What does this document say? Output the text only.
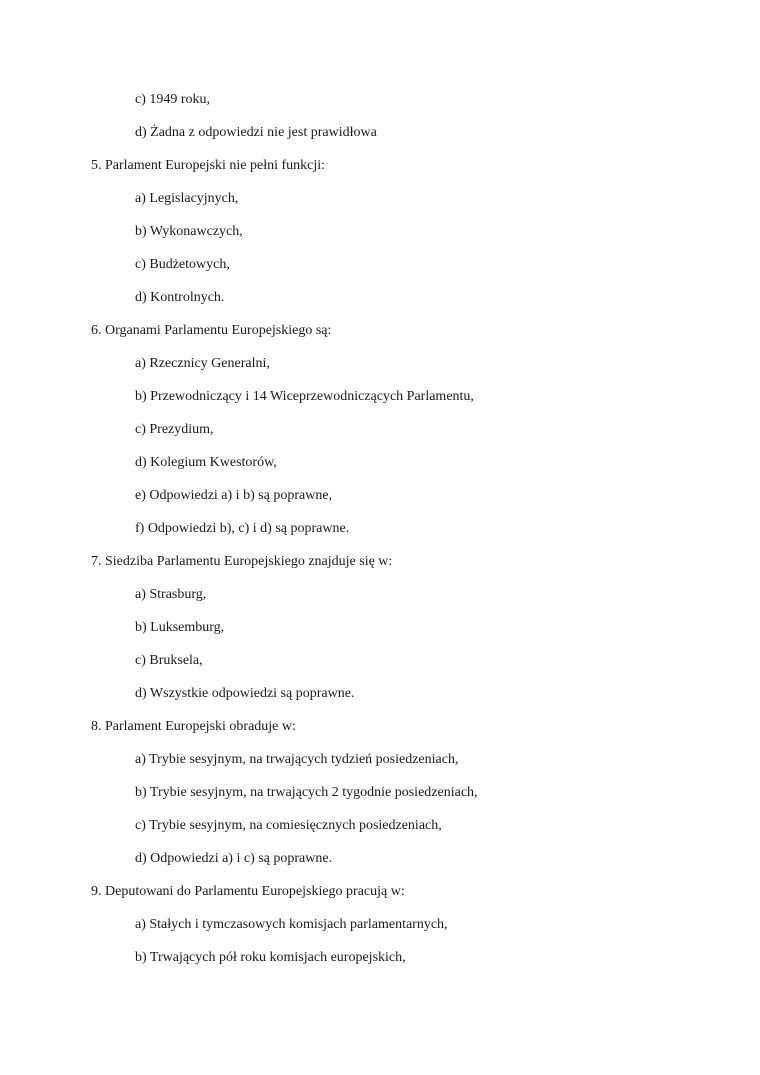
c) 1949 roku,
d) Żadna z odpowiedzi nie jest prawidłowa
5. Parlament Europejski nie pełni funkcji:
a) Legislacyjnych,
b) Wykonawczych,
c) Budżetowych,
d) Kontrolnych.
6. Organami Parlamentu Europejskiego są:
a) Rzecznicy Generalni,
b) Przewodniczący i 14 Wiceprzewodniczących Parlamentu,
c) Prezydium,
d) Kolegium Kwestorów,
e) Odpowiedzi a) i b) są poprawne,
f) Odpowiedzi b), c) i d) są poprawne.
7. Siedziba Parlamentu Europejskiego znajduje się w:
a) Strasburg,
b) Luksemburg,
c) Bruksela,
d) Wszystkie odpowiedzi są poprawne.
8. Parlament Europejski obraduje w:
a) Trybie sesyjnym, na trwających tydzień posiedzeniach,
b) Trybie sesyjnym, na trwających 2 tygodnie posiedzeniach,
c) Trybie sesyjnym, na comiesięcznych posiedzeniach,
d) Odpowiedzi a) i c) są poprawne.
9. Deputowani do Parlamentu Europejskiego pracują w:
a) Stałych i tymczasowych komisjach parlamentarnych,
b) Trwających pół roku komisjach europejskich,
